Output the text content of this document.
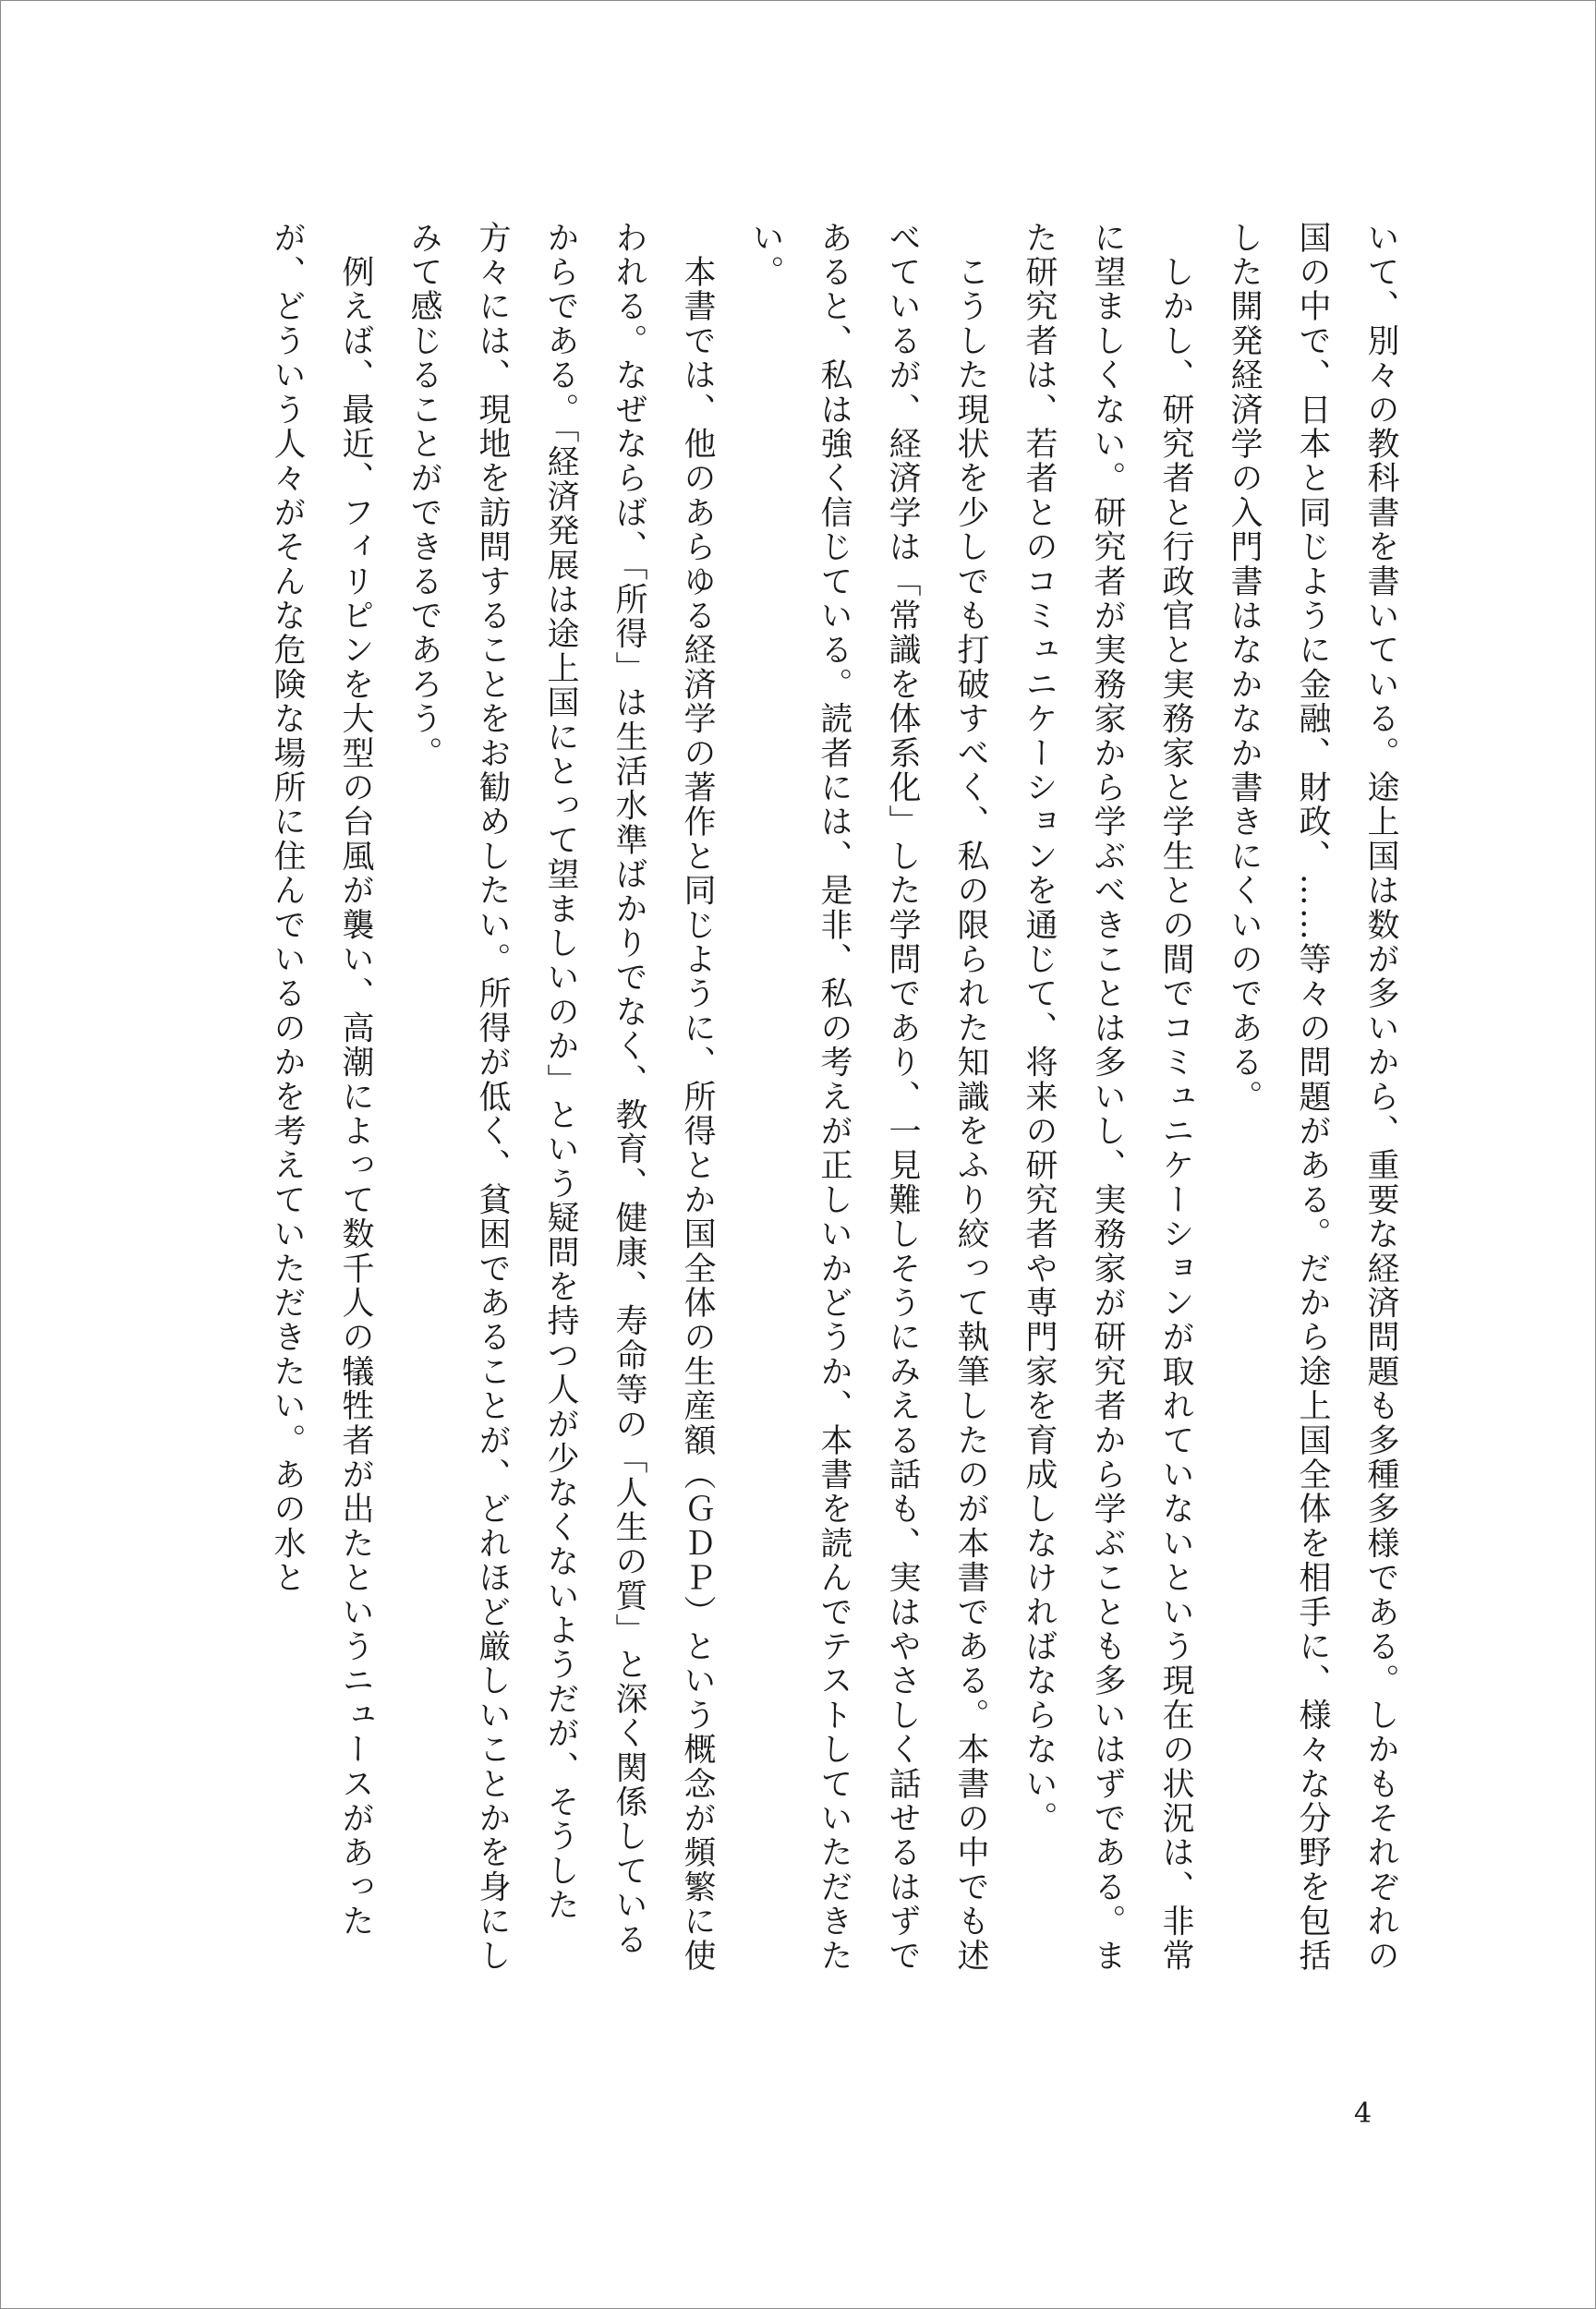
いて、別々の教科書を書いている。途上国は数が多いから、重要な経済問題も多種多様である。しかもそれぞれの国の中で、日本と同じように金融、財政、……等々の問題がある。だから途上国全体を相手に、様々な分野を包括した開発経済学の入門書はなかなか書きにくいのである。

　しかし、研究者と行政官と実務家と学生との間でコミュニケーションが取れていないという現在の状況は、非常に望ましくない。研究者が実務家から学ぶべきことは多いし、実務家が研究者から学ぶことも多いはずである。また研究者は、若者とのコミュニケーションを通じて、将来の研究者や専門家を育成しなければならない。

　こうした現状を少しでも打破すべく、私の限られた知識をふり絞って執筆したのが本書である。本書の中でも述べているが、経済学は「常識を体系化」した学問であり、一見難しそうにみえる話も、実はやさしく話せるはずであると、私は強く信じている。読者には、是非、私の考えが正しいかどうか、本書を読んでテストしていただきたい。

　本書では、他のあらゆる経済学の著作と同じように、所得とか国全体の生産額（ＧＤＰ）という概念が頻繁に使われる。なぜならば、「所得」は生活水準ばかりでなく、教育、健康、寿命等の「人生の質」と深く関係しているからである。「経済発展は途上国にとって望ましいのか」という疑問を持つ人が少なくないようだが、そうした方々には、現地を訪問することをお勧めしたい。所得が低く、貧困であることが、どれほど厳しいことかを身にしみて感じることができるであろう。

　例えば、最近、フィリピンを大型の台風が襲い、高潮によって数千人の犠牲者が出たというニュースがあったが、どういう人々がそんな危険な場所に住んでいるのかを考えていただきたい。あの水と

4
